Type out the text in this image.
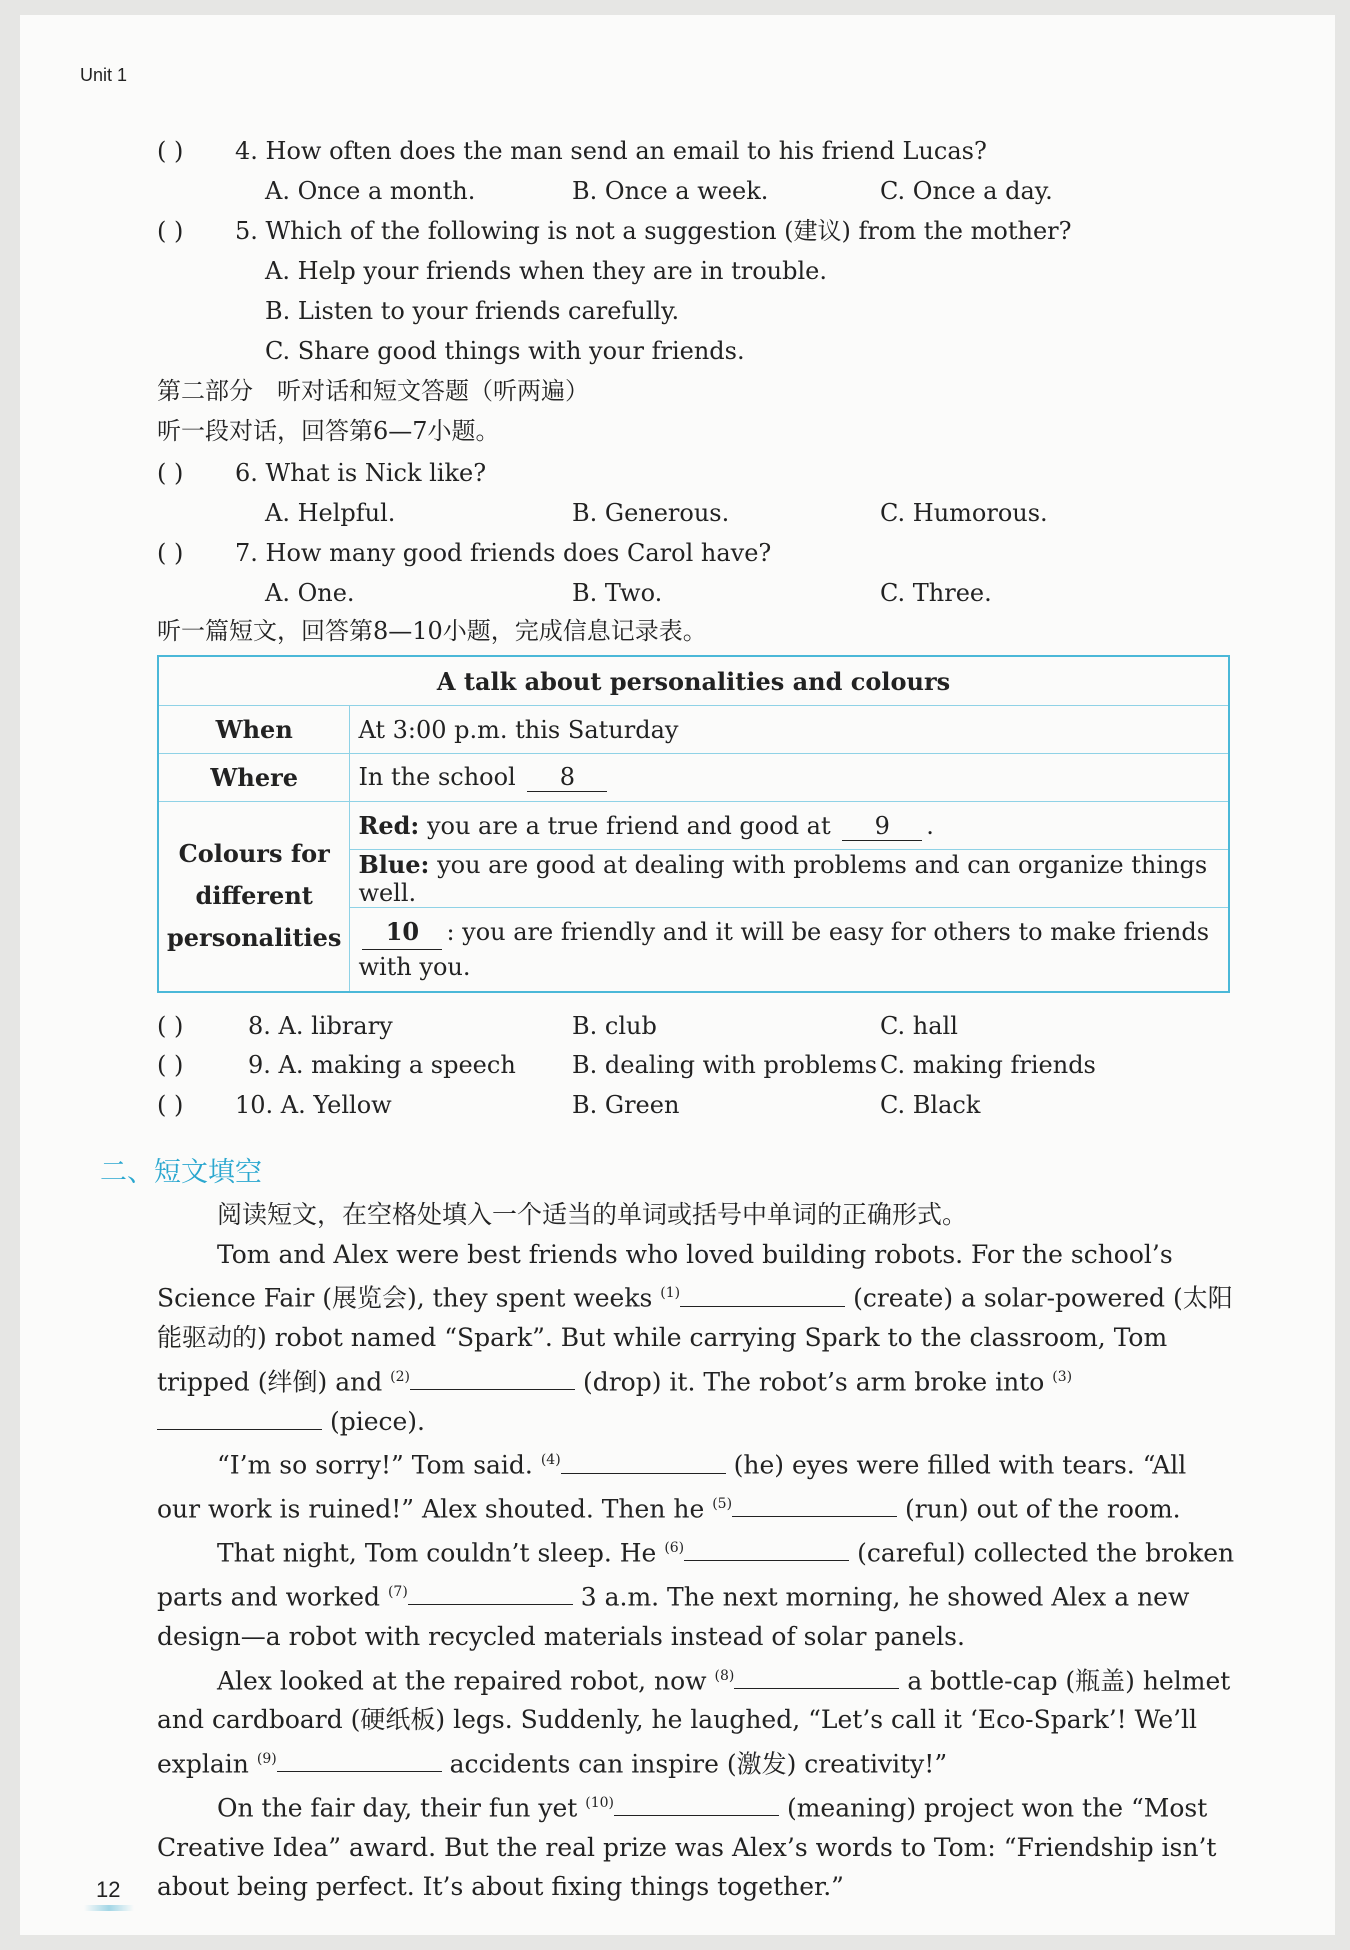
Unit 1
( ) 4. How often does the man send an email to his friend Lucas?
A. Once a month.	B. Once a week.	C. Once a day.
( ) 5. Which of the following is not a suggestion (建议) from the mother?
A. Help your friends when they are in trouble.
B. Listen to your friends carefully.
C. Share good things with your friends.
第二部分　听对话和短文答题（听两遍）
听一段对话，回答第6—7小题。
( ) 6. What is Nick like?
A. Helpful.	B. Generous.	C. Humorous.
( ) 7. How many good friends does Carol have?
A. One.	B. Two.	C. Three.
听一篇短文，回答第8—10小题，完成信息记录表。
A talk about personalities and colours	
When	At 3:00 p.m. this Saturday
Where	In the school 8
Colours for different personalities	Red: you are a true friend and good at 9 .
	Blue: you are good at dealing with problems and can organize things well.
	10 : you are friendly and it will be easy for others to make friends with you.
( )	8. A. library	B. club	C. hall
( )	9. A. making a speech B. dealing with problems C. making friends
( ) 10. A. Yellow	B. Green	C. Black
二、短文填空

阅读短文，在空格处填入一个适当的单词或括号中单词的正确形式。

Tom and Alex were best friends who loved building robots. For the school’s Science Fair (展览会), they spent weeks $^{(1)}$	(create) a solar-powered (太阳能驱动的) robot named “Spark”. But while carrying Spark to the classroom, Tom tripped (绊倒) and $^{(2)}$	(drop) it. The robot’s arm broke into $^{(3)}$ (piece).

“I’m so sorry!” Tom said. $^{(4)}$	(he) eyes were filled with tears. “All our work is ruined!” Alex shouted. Then he $^{(5)}$	(run) out of the room.

That night, Tom couldn’t sleep. He $^{(6)}$	(careful) collected the broken parts and worked $^{(7)}$	3 a.m. The next morning, he showed Alex a new design—a robot with recycled materials instead of solar panels.

Alex looked at the repaired robot, now $^{(8)}$	a bottle-cap (瓶盖) helmet and cardboard (硬纸板) legs. Suddenly, he laughed, “Let’s call it ‘Eco-Spark’! We’ll explain $^{(9)}$	accidents can inspire (激发) creativity!”

On the fair day, their fun yet $^{(10)}$	(meaning) project won the “Most Creative Idea” award. But the real prize was Alex’s words to Tom: “Friendship isn’t about being perfect. It’s about fixing things together.”

12
